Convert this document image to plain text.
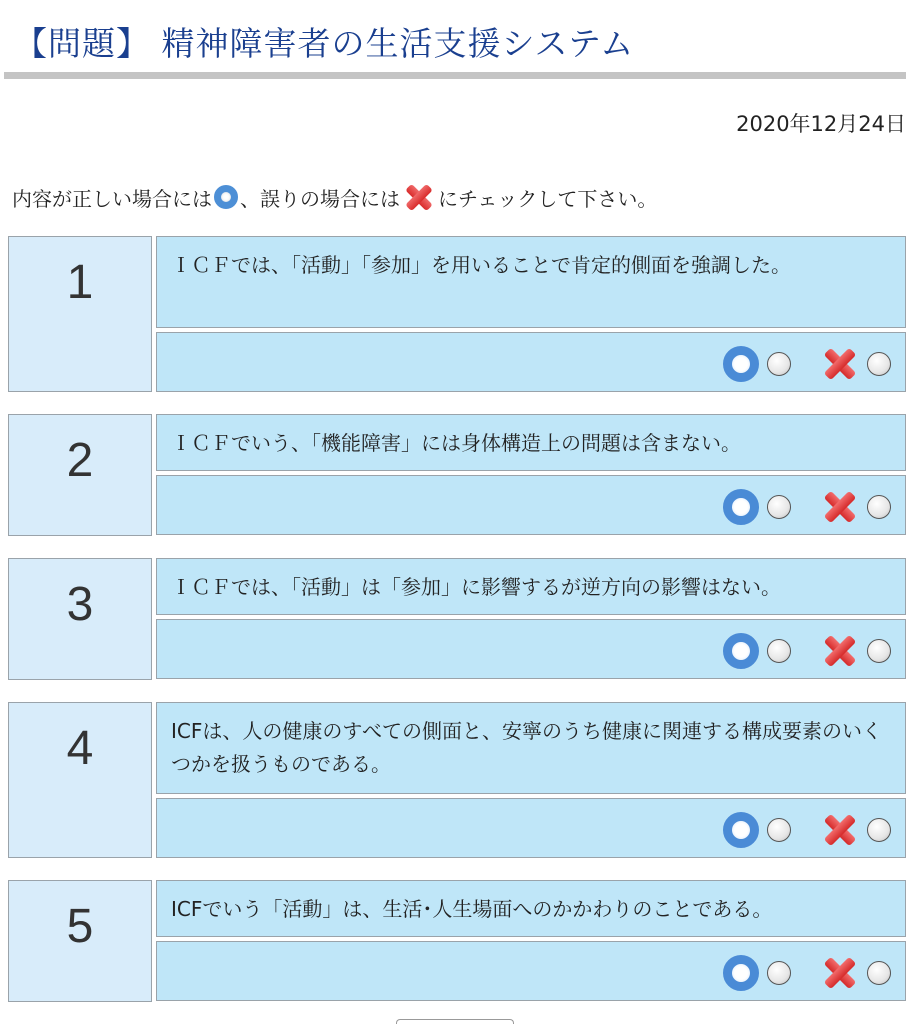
【問題】 精神障害者の生活支援システム
2020年12月24日
内容が正しい場合には 、誤りの場合には にチェックして下さい。
1	ＩＣＦでは、「活動」「参加」を用いることで肯定的側面を強調した。
2	ＩＣＦでいう、「機能障害」には身体構造上の問題は含まない。
3	ＩＣＦでは、「活動」は「参加」に影響するが逆方向の影響はない。
4	ICFは、人の健康のすべての側面と、安寧のうち健康に関連する構成要素のいくつかを扱うものである。
5	ICFでいう「活動」は、生活･人生場面へのかかわりのことである。
